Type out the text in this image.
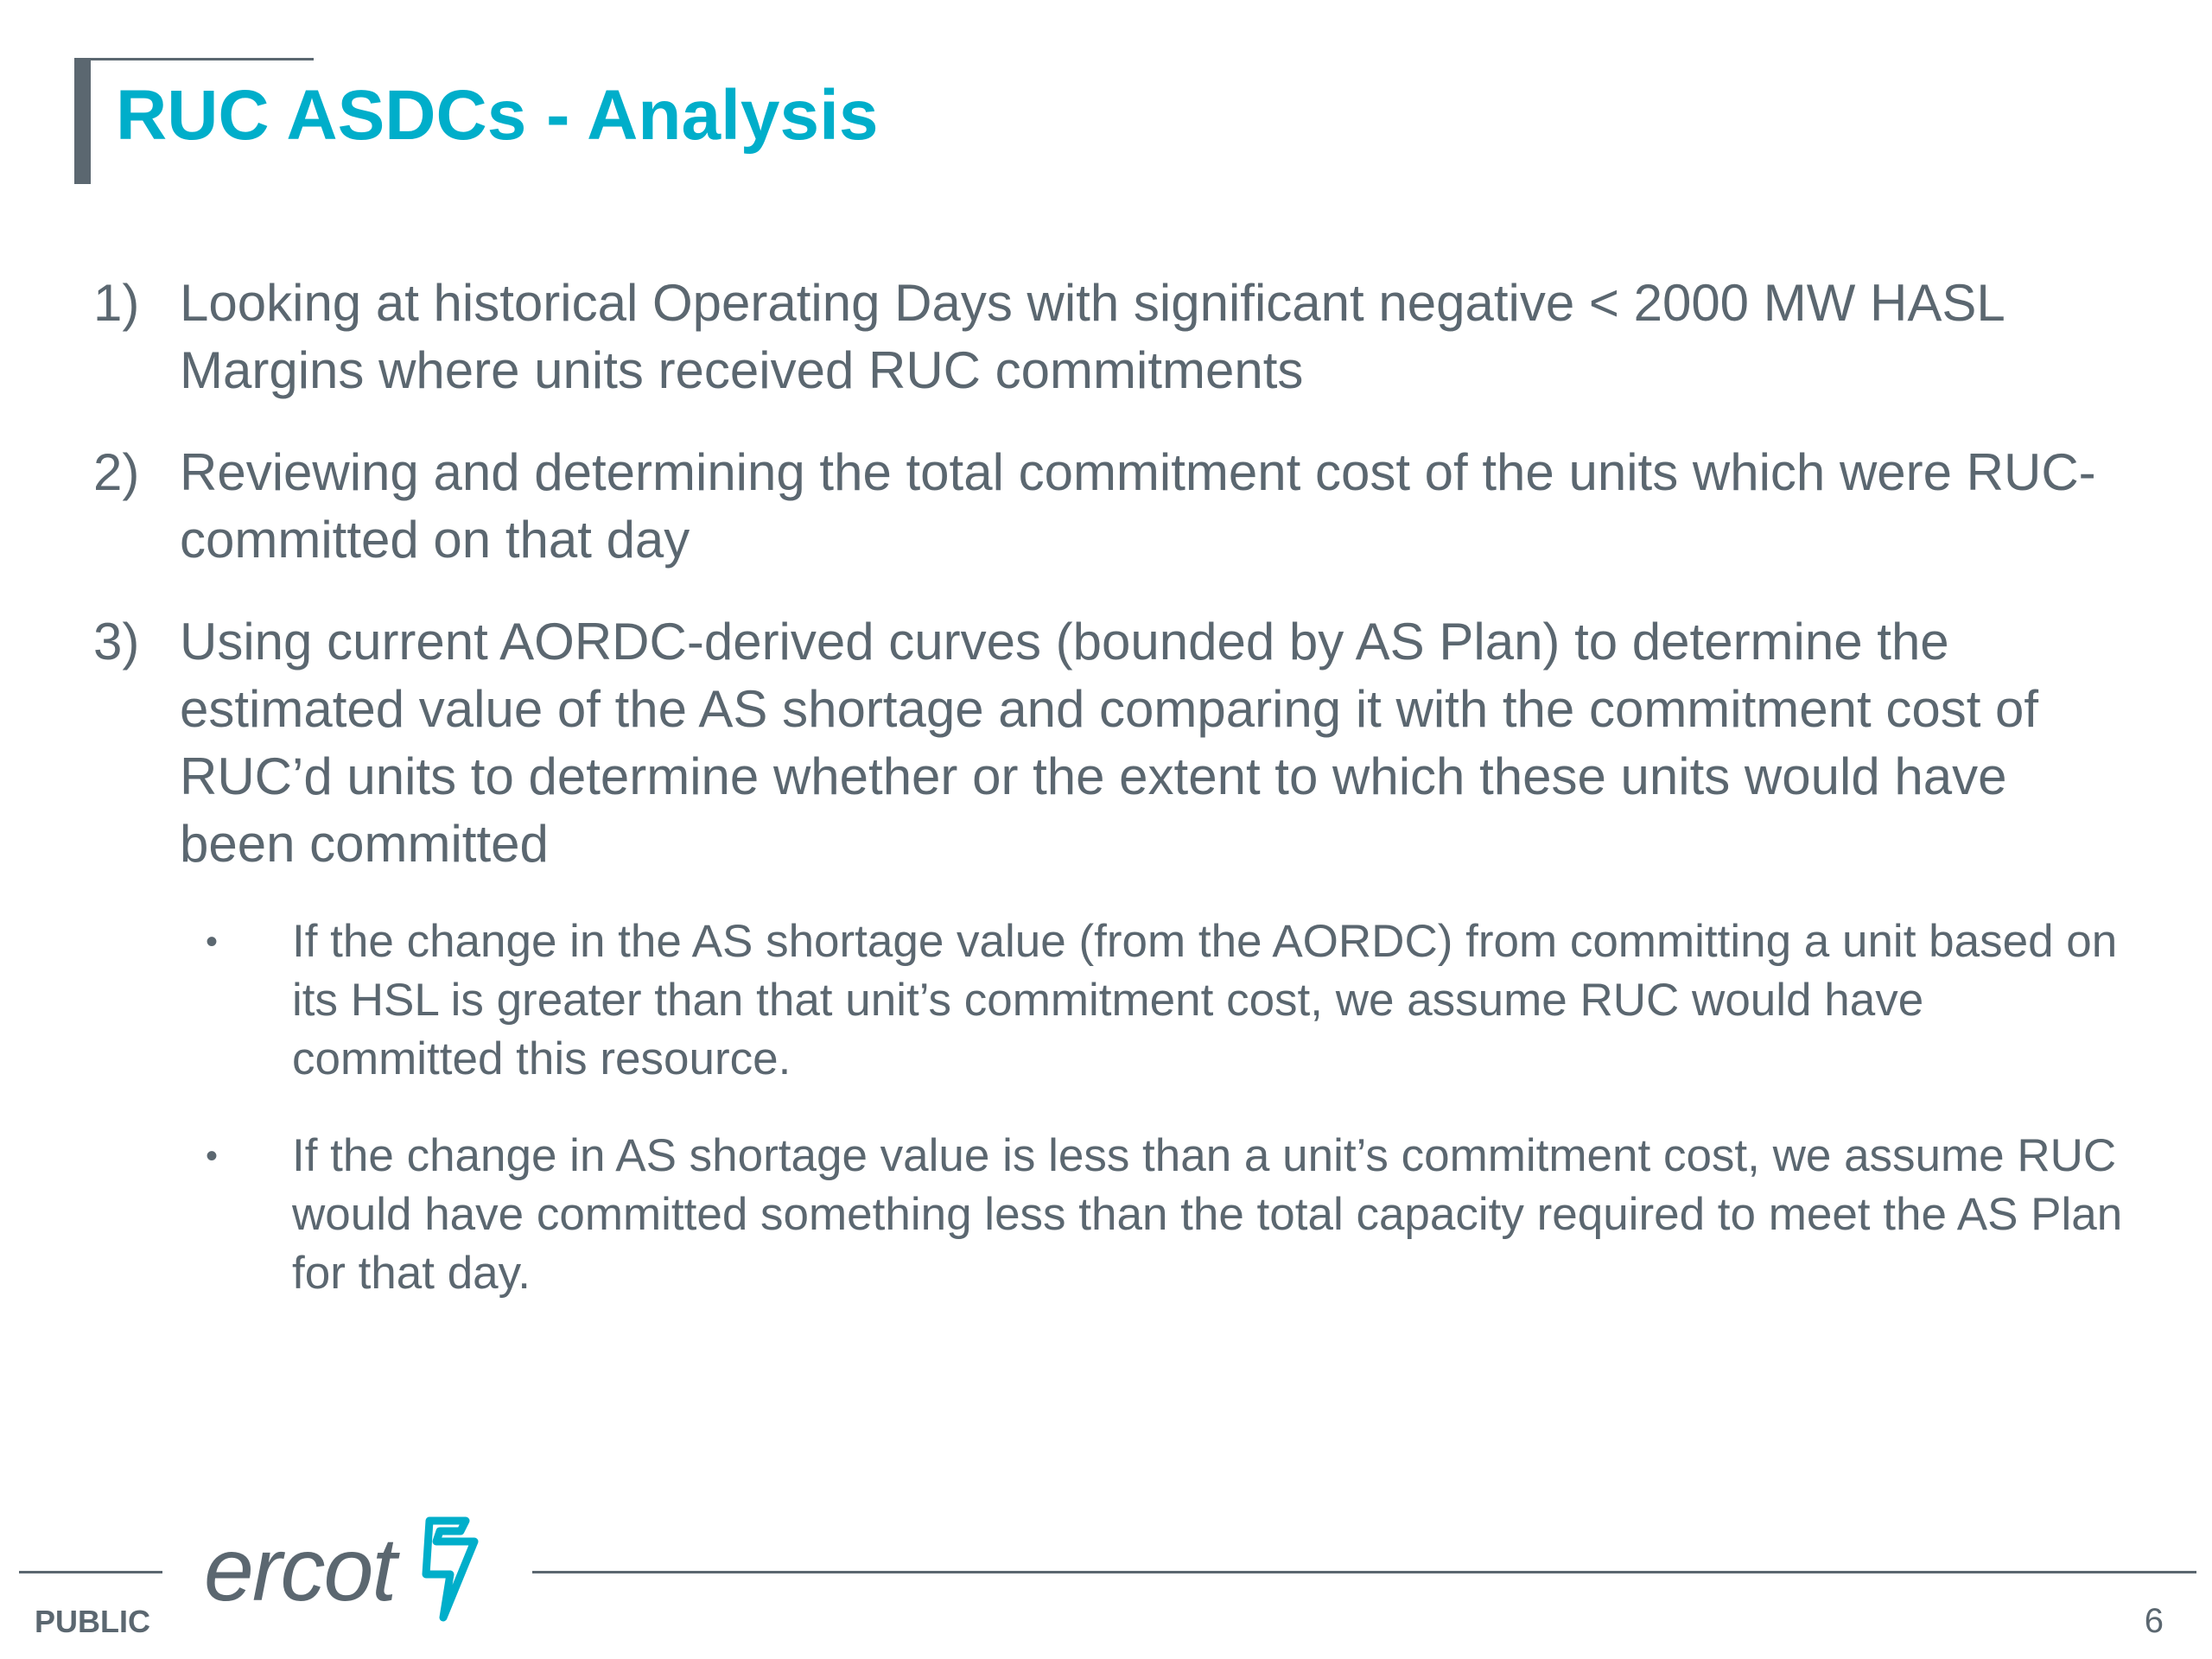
RUC ASDCs - Analysis
1) Looking at historical Operating Days with significant negative < 2000 MW HASL Margins where units received RUC commitments
2) Reviewing and determining the total commitment cost of the units which were RUC-committed on that day
3) Using current AORDC-derived curves (bounded by AS Plan) to determine the estimated value of the AS shortage and comparing it with the commitment cost of RUC’d units to determine whether or the extent to which these units would have been committed
• If the change in the AS shortage value (from the AORDC) from committing a unit based on its HSL is greater than that unit’s commitment cost, we assume RUC would have committed this resource.
• If the change in AS shortage value is less than a unit’s commitment cost, we assume RUC would have committed something less than the total capacity required to meet the AS Plan for that day.
ercot
PUBLIC	6
